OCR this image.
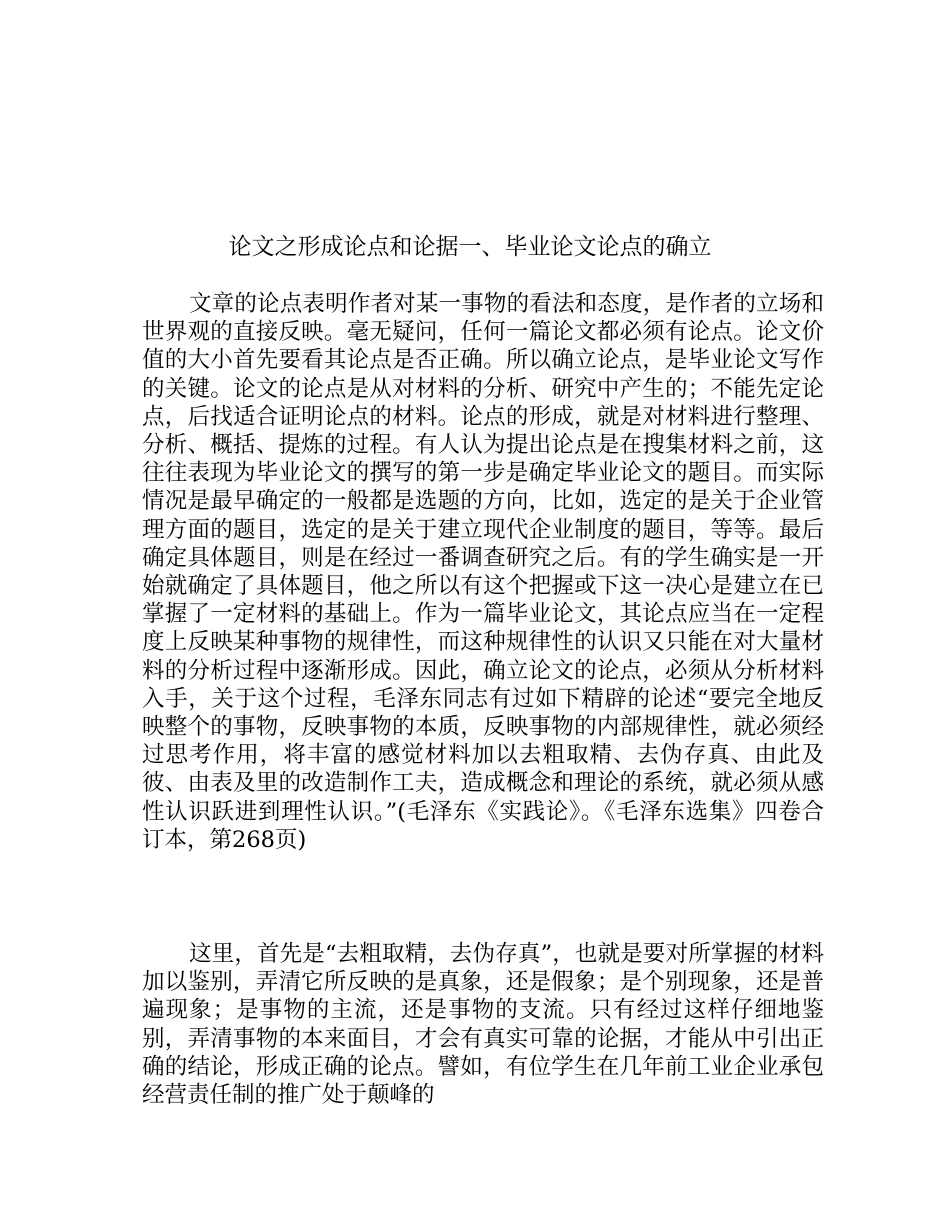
论文之形成论点和论据一、毕业论文论点的确立

文章的论点表明作者对某一事物的看法和态度，是作者的立场和世界观的直接反映。毫无疑问，任何一篇论文都必须有论点。论文价值的大小首先要看其论点是否正确。所以确立论点，是毕业论文写作的关键。论文的论点是从对材料的分析、研究中产生的；不能先定论点，后找适合证明论点的材料。论点的形成，就是对材料进行整理、分析、概括、提炼的过程。有人认为提出论点是在搜集材料之前，这往往表现为毕业论文的撰写的第一步是确定毕业论文的题目。而实际情况是最早确定的一般都是选题的方向，比如，选定的是关于企业管理方面的题目，选定的是关于建立现代企业制度的题目，等等。最后确定具体题目，则是在经过一番调查研究之后。有的学生确实是一开始就确定了具体题目，他之所以有这个把握或下这一决心是建立在已掌握了一定材料的基础上。作为一篇毕业论文，其论点应当在一定程度上反映某种事物的规律性，而这种规律性的认识又只能在对大量材料的分析过程中逐渐形成。因此，确立论文的论点，必须从分析材料入手，关于这个过程，毛泽东同志有过如下精辟的论述“要完全地反映整个的事物，反映事物的本质，反映事物的内部规律性，就必须经过思考作用，将丰富的感觉材料加以去粗取精、去伪存真、由此及彼、由表及里的改造制作工夫，造成概念和理论的系统，就必须从感性认识跃进到理性认识。”(毛泽东《实践论》。《毛泽东选集》四卷合订本，第268页)

这里，首先是“去粗取精，去伪存真”，也就是要对所掌握的材料加以鉴别，弄清它所反映的是真象，还是假象；是个别现象，还是普遍现象；是事物的主流，还是事物的支流。只有经过这样仔细地鉴别，弄清事物的本来面目，才会有真实可靠的论据，才能从中引出正确的结论，形成正确的论点。譬如，有位学生在几年前工业企业承包经营责任制的推广处于颠峰的
